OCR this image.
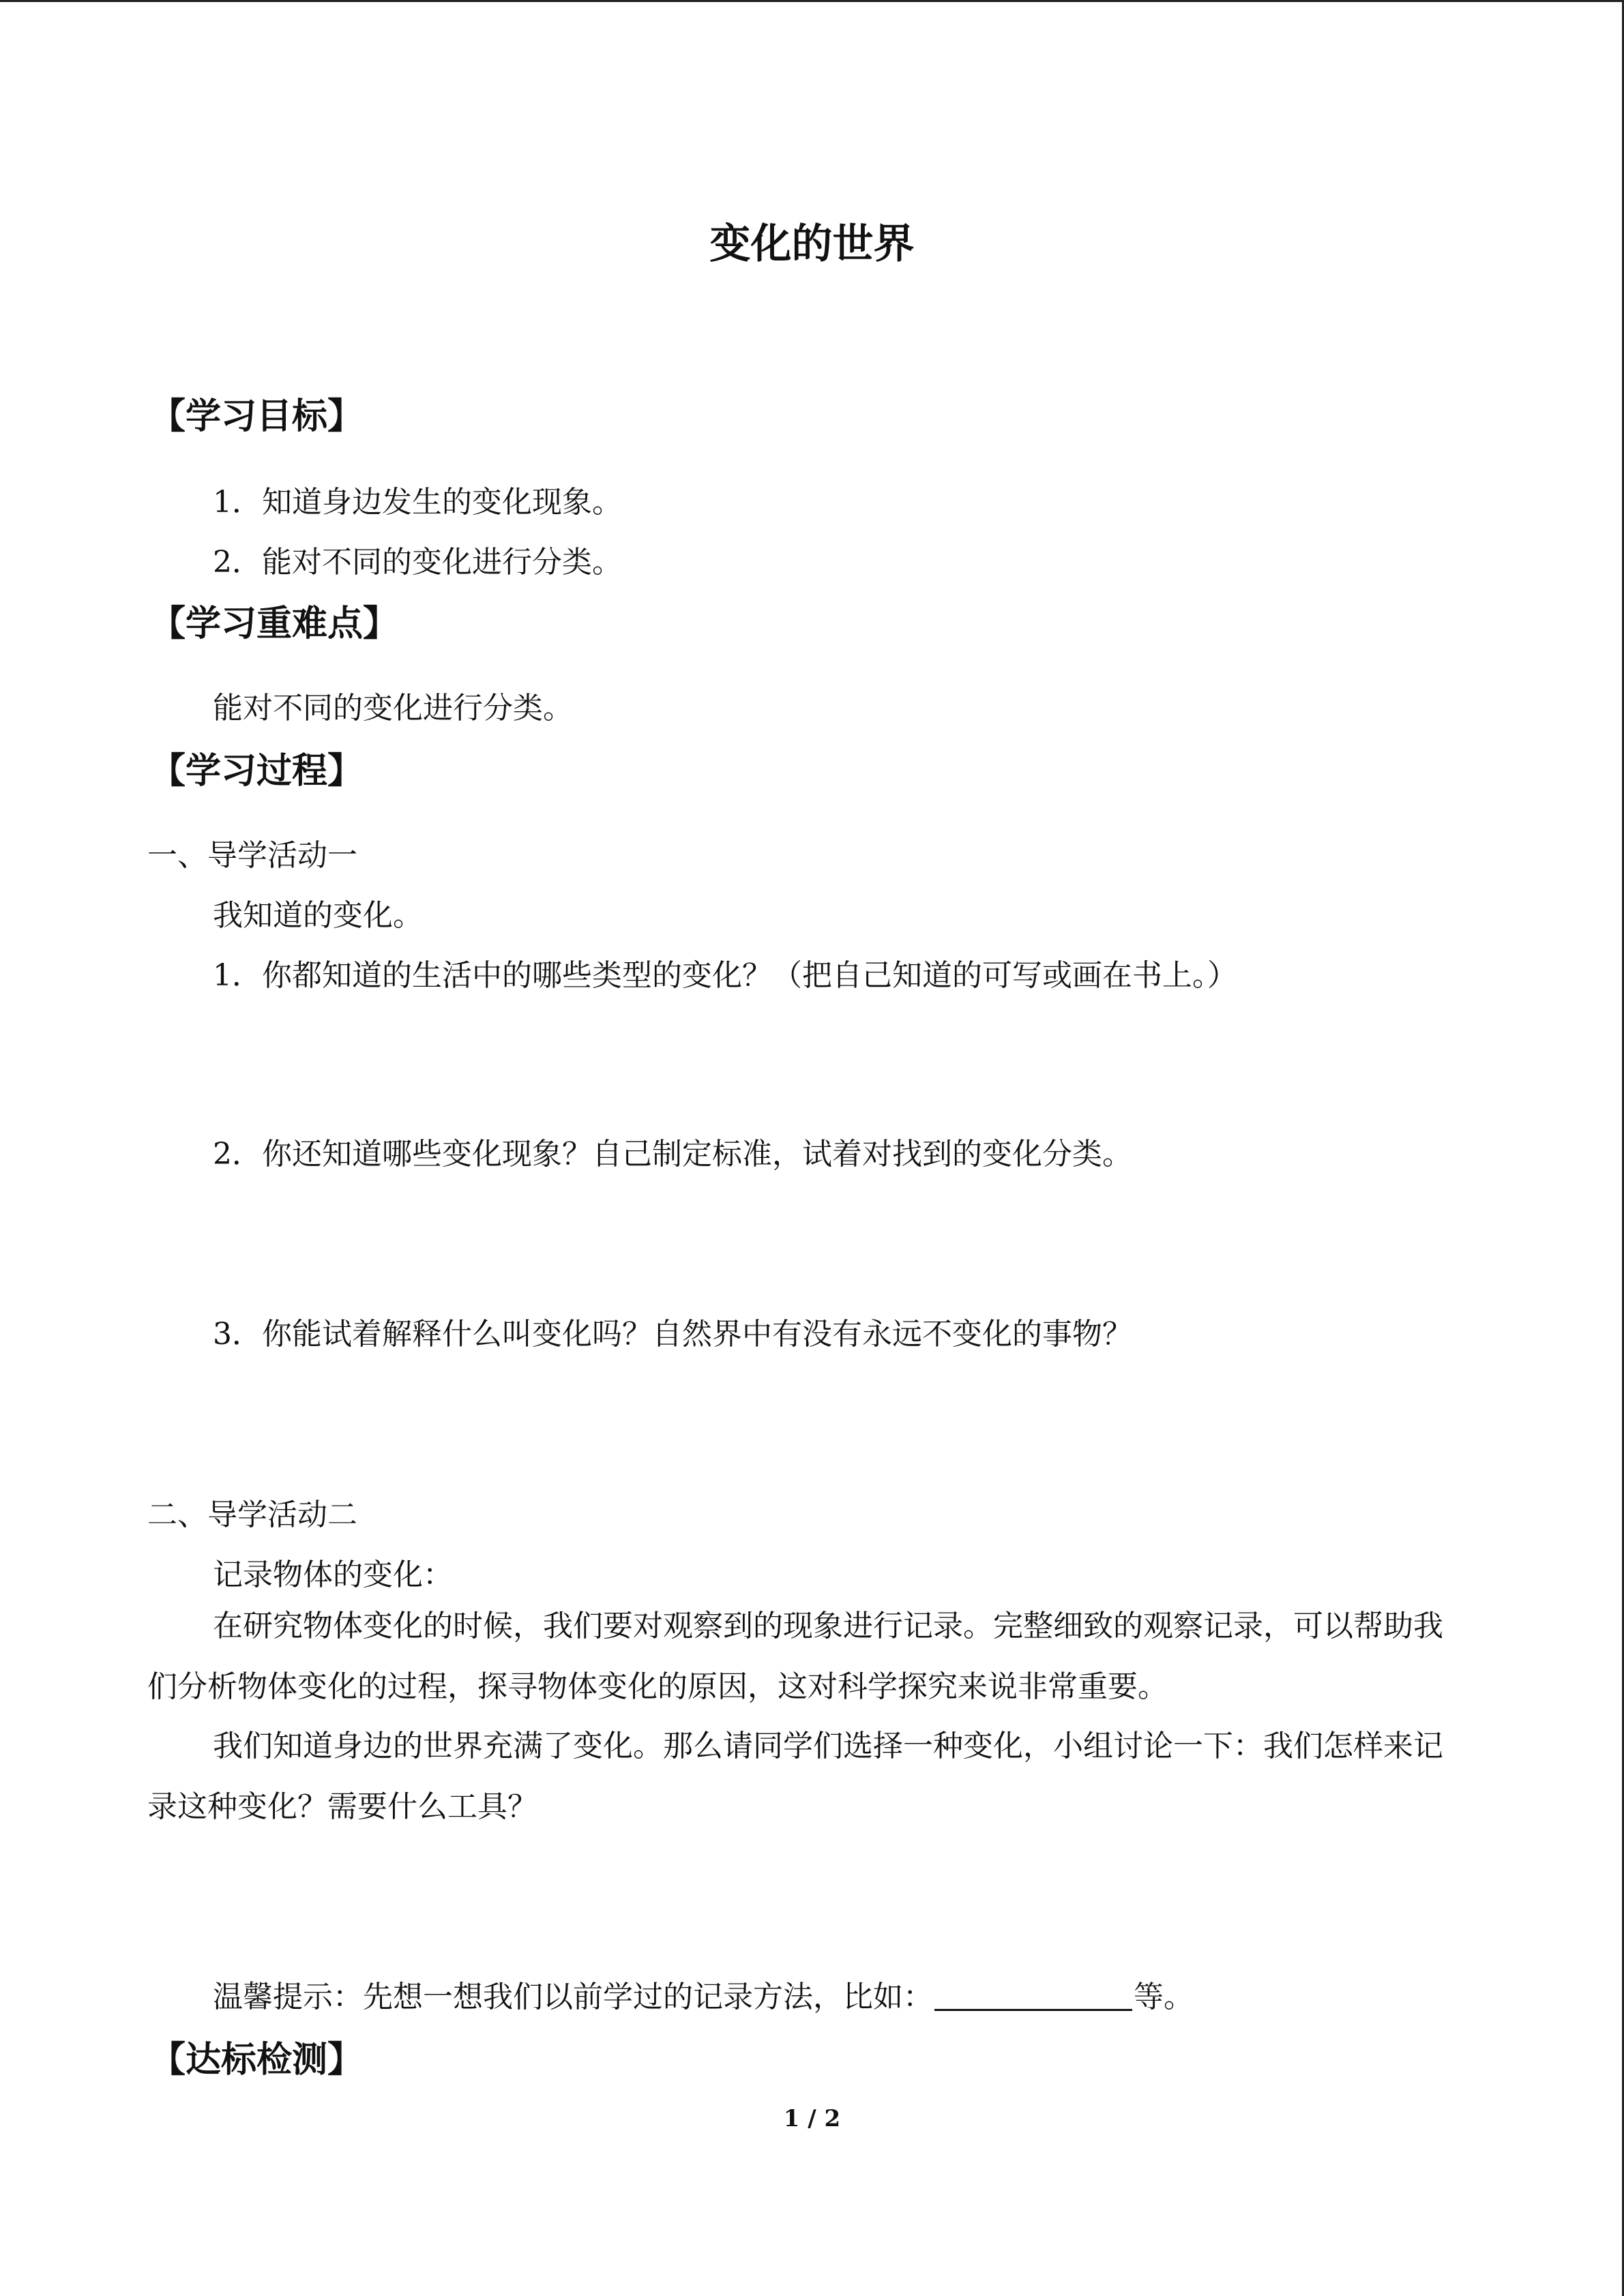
变化的世界
【学习目标】
1．知道身边发生的变化现象。
2．能对不同的变化进行分类。
【学习重难点】
能对不同的变化进行分类。
【学习过程】
一、导学活动一
我知道的变化。
1．你都知道的生活中的哪些类型的变化？（把自己知道的可写或画在书上。）
2．你还知道哪些变化现象？自己制定标准，试着对找到的变化分类。
3．你能试着解释什么叫变化吗？自然界中有没有永远不变化的事物？
二、导学活动二
记录物体的变化：
在研究物体变化的时候，我们要对观察到的现象进行记录。完整细致的观察记录，可以帮助我们分析物体变化的过程，探寻物体变化的原因，这对科学探究来说非常重要。
我们知道身边的世界充满了变化。那么请同学们选择一种变化，小组讨论一下：我们怎样来记录这种变化？需要什么工具？
温馨提示：先想一想我们以前学过的记录方法，比如：	等。
【达标检测】
1 / 2
